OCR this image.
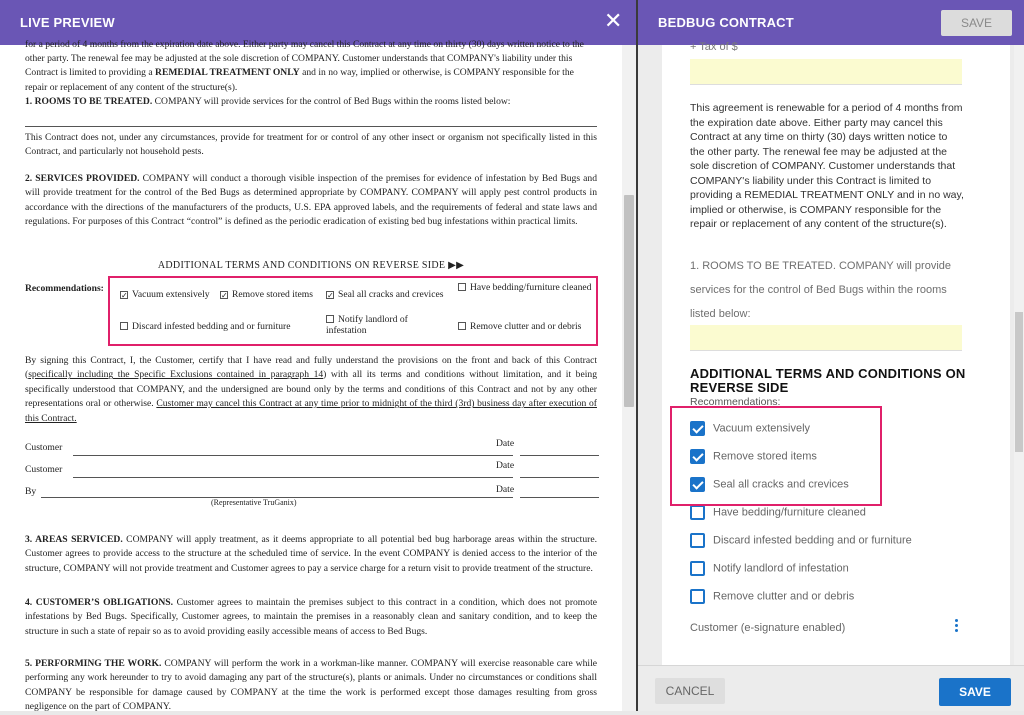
LIVE PREVIEW	✕
for a period of 4 months from the expiration date above. Either party may cancel this Contract at any time on thirty (30) days written notice to the
other party. The renewal fee may be adjusted at the sole discretion of COMPANY. Customer understands that COMPANY's liability under this
Contract is limited to providing a REMEDIAL TREATMENT ONLY and in no way, implied or otherwise, is COMPANY responsible for the
repair or replacement of any content of the structure(s).
1. ROOMS TO BE TREATED. COMPANY will provide services for the control of Bed Bugs within the rooms listed below:
This Contract does not, under any circumstances, provide for treatment for or control of any other insect or organism not specifically listed in this Contract, and particularly not household pests.
2. SERVICES PROVIDED. COMPANY will conduct a thorough visible inspection of the premises for evidence of infestation by Bed Bugs and will provide treatment for the control of the Bed Bugs as determined appropriate by COMPANY. COMPANY will apply pest control products in accordance with the directions of the manufacturers of the products, U.S. EPA approved labels, and the requirements of federal and state laws and regulations. For purposes of this Contract “control” is defined as the periodic eradication of existing bed bug infestations within practical limits.
ADDITIONAL TERMS AND CONDITIONS ON REVERSE SIDE ▶▶
Recommendations:
✓ Vacuum extensively ✓ Remove stored items ✓ Seal all cracks and crevices
Have bedding/furniture cleaned
Discard infested bedding and or furniture
Notify landlord of infestation	Remove clutter and or debris
By signing this Contract, I, the Customer, certify that I have read and fully understand the provisions on the front and back of this Contract (specifically including the Specific Exclusions contained in paragraph 14) with all its terms and conditions without limitation, and it being specifically understood that COMPANY, and the undersigned are bound only by the terms and conditions of this Contract and not by any other representations oral or otherwise. Customer may cancel this Contract at any time prior to midnight of the third (3rd) business day after execution of this Contract.
Customer	Date
Customer	Date
By	Date
(Representative TruGanix)
3. AREAS SERVICED. COMPANY will apply treatment, as it deems appropriate to all potential bed bug harborage areas within the structure. Customer agrees to provide access to the structure at the scheduled time of service. In the event COMPANY is denied access to the interior of the structure, COMPANY will not provide treatment and Customer agrees to pay a service charge for a return visit to provide treatment of the structure.
4. CUSTOMER’S OBLIGATIONS. Customer agrees to maintain the premises subject to this contract in a condition, which does not promote infestations by Bed Bugs. Specifically, Customer agrees, to maintain the premises in a reasonably clean and sanitary condition, and to keep the structure in such a state of repair so as to avoid providing easily accessible means of access to Bed Bugs.
5. PERFORMING THE WORK. COMPANY will perform the work in a workman-like manner. COMPANY will exercise reasonable care while performing any work hereunder to try to avoid damaging any part of the structure(s), plants or animals. Under no circumstances or conditions shall COMPANY be responsible for damage caused by COMPANY at the time the work is performed except those damages resulting from gross negligence on the part of COMPANY.
BEDBUG CONTRACT	SAVE
+ Tax of $
This agreement is renewable for a period of 4 months from the expiration date above. Either party may cancel this Contract at any time on thirty (30) days written notice to the other party. The renewal fee may be adjusted at the sole discretion of COMPANY. Customer understands that COMPANY's liability under this Contract is limited to providing a REMEDIAL TREATMENT ONLY and in no way, implied or otherwise, is COMPANY responsible for the repair or replacement of any content of the structure(s).
1. ROOMS TO BE TREATED. COMPANY will provide services for the control of Bed Bugs within the rooms listed below:
ADDITIONAL TERMS AND CONDITIONS ON REVERSE SIDE
Recommendations:
Vacuum extensively
Remove stored items
Seal all cracks and crevices
Have bedding/furniture cleaned
Discard infested bedding and or furniture
Notify landlord of infestation
Remove clutter and or debris
Customer (e-signature enabled)
CANCEL	SAVE
